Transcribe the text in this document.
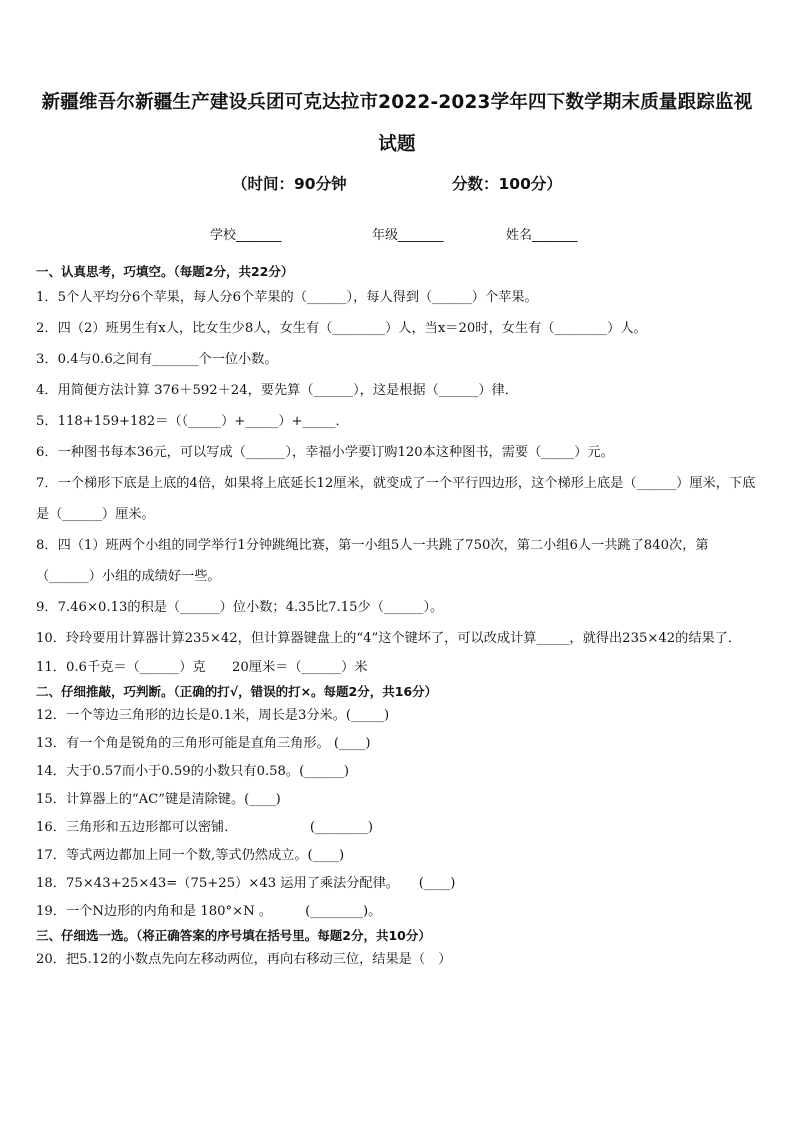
新疆维吾尔新疆生产建设兵团可克达拉市2022-2023学年四下数学期末质量跟踪监视
试题
（时间：90分钟	分数：100分）
学校_______	年级_______	姓名_______
一、认真思考，巧填空。（每题2分，共22分）
1．5个人平均分6个苹果，每人分6个苹果的（______），每人得到（______）个苹果。
2．四（2）班男生有x人，比女生少8人，女生有（________）人，当x＝20时，女生有（________）人。
3．0.4与0.6之间有_______个一位小数。
4．用简便方法计算 376＋592＋24，要先算（______），这是根据（______）律．
5．118+159+182＝（（_____）+_____）+_____．
6．一种图书每本36元，可以写成（______），幸福小学要订购120本这种图书，需要（_____）元。
7．一个梯形下底是上底的4倍，如果将上底延长12厘米，就变成了一个平行四边形，这个梯形上底是（______）厘米，下底是（______）厘米。
8．四（1）班两个小组的同学举行1分钟跳绳比赛，第一小组5人一共跳了750次，第二小组6人一共跳了840次，第（______）小组的成绩好一些。
9．7.46×0.13的积是（______）位小数；4.35比7.15少（______）。
10．玲玲要用计算器计算235×42，但计算器键盘上的“4”这个键坏了，可以改成计算_____，就得出235×42的结果了．
11．0.6千克＝（______）克　　20厘米＝（______）米
二、仔细推敲，巧判断。（正确的打√，错误的打×。每题2分，共16分）
12．一个等边三角形的边长是0.1米，周长是3分米。(_____)
13．有一个角是锐角的三角形可能是直角三角形。 (____)
14．大于0.57而小于0.59的小数只有0.58。(______)
15．计算器上的“AC”键是清除键。(____)
16．三角形和五边形都可以密铺．　　　　　　(________)
17．等式两边都加上同一个数,等式仍然成立。(____)
18．75×43+25×43=（75+25）×43 运用了乘法分配律。　　(____)
19．一个N边形的内角和是 180°×N 。　　　(________)。
三、仔细选一选。（将正确答案的序号填在括号里。每题2分，共10分）
20．把5.12的小数点先向左移动两位，再向右移动三位，结果是（　）
